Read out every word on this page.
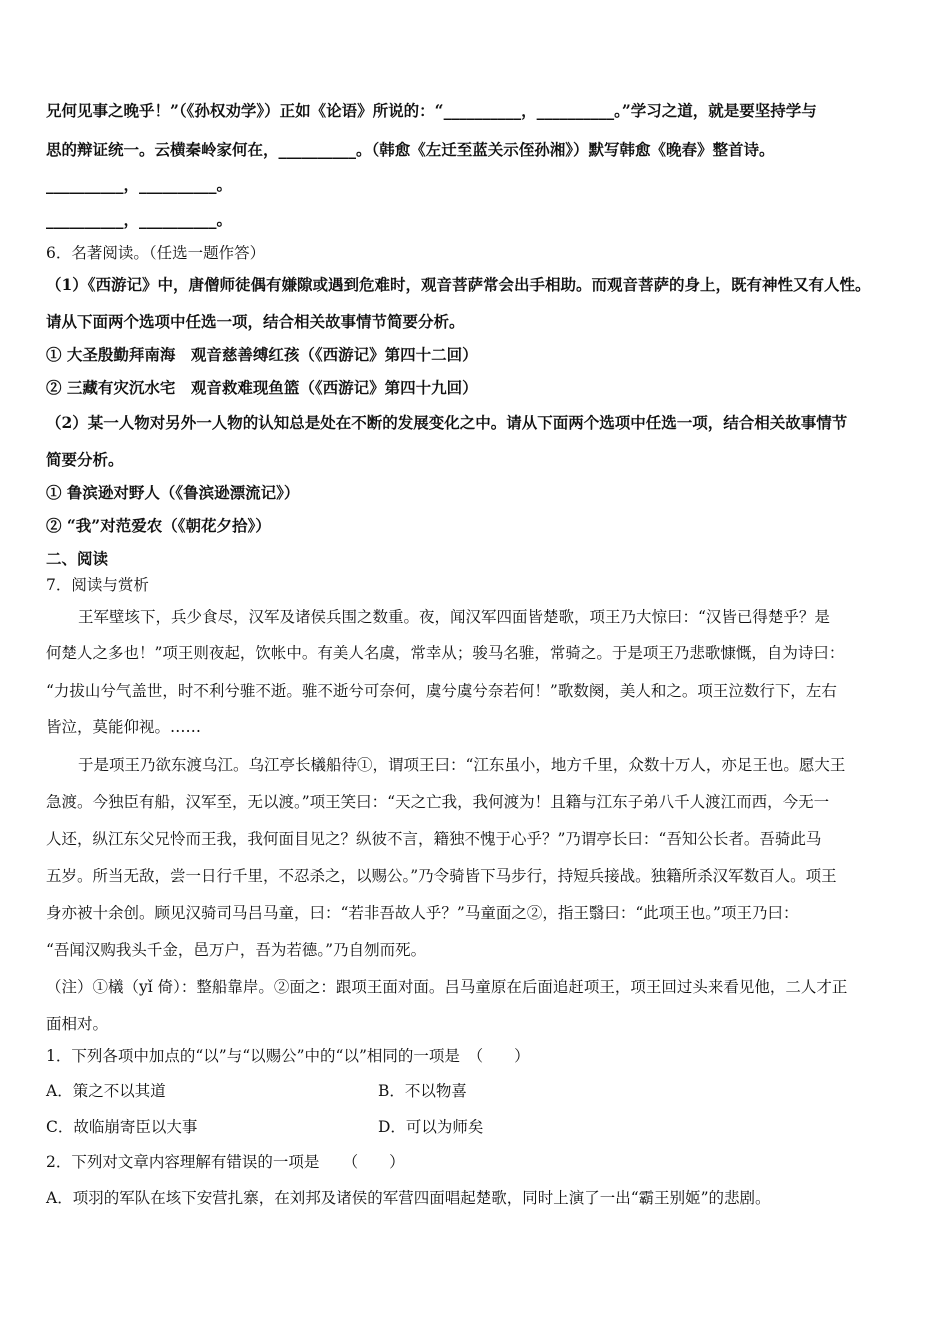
兄何见事之晚乎！”（《孙权劝学》）正如《论语》所说的：“__________，__________。”学习之道，就是要坚持学与
思的辩证统一。云横秦岭家何在，__________。（韩愈《左迁至蓝关示侄孙湘》）默写韩愈《晚春》整首诗。
__________，__________。
__________，__________。
6．名著阅读。（任选一题作答）
（1）《西游记》中，唐僧师徒偶有嫌隙或遇到危难时，观音菩萨常会出手相助。而观音菩萨的身上，既有神性又有人性。
请从下面两个选项中任选一项，结合相关故事情节简要分析。
① 大圣殷勤拜南海　观音慈善缚红孩（《西游记》第四十二回）
② 三藏有灾沉水宅　观音救难现鱼篮（《西游记》第四十九回）
（2）某一人物对另外一人物的认知总是处在不断的发展变化之中。请从下面两个选项中任选一项，结合相关故事情节
简要分析。
① 鲁滨逊对野人（《鲁滨逊漂流记》）
② “我”对范爱农（《朝花夕拾》）
二、阅读
7．阅读与赏析
王军壁垓下，兵少食尽，汉军及诸侯兵围之数重。夜，闻汉军四面皆楚歌，项王乃大惊曰：“汉皆已得楚乎？是
何楚人之多也！”项王则夜起，饮帐中。有美人名虞，常幸从；骏马名骓，常骑之。于是项王乃悲歌慷慨，自为诗曰：
“力拔山兮气盖世，时不利兮骓不逝。骓不逝兮可奈何，虞兮虞兮奈若何！”歌数阕，美人和之。项王泣数行下，左右
皆泣，莫能仰视。……
于是项王乃欲东渡乌江。乌江亭长檥船待①，谓项王曰：“江东虽小，地方千里，众数十万人，亦足王也。愿大王
急渡。今独臣有船，汉军至，无以渡。”项王笑曰：“天之亡我，我何渡为！且籍与江东子弟八千人渡江而西，今无一
人还，纵江东父兄怜而王我，我何面目见之？纵彼不言，籍独不愧于心乎？”乃谓亭长曰：“吾知公长者。吾骑此马
五岁。所当无敌，尝一日行千里，不忍杀之，以赐公。”乃令骑皆下马步行，持短兵接战。独籍所杀汉军数百人。项王
身亦被十余创。顾见汉骑司马吕马童，曰：“若非吾故人乎？”马童面之②，指王翳曰：“此项王也。”项王乃曰：
“吾闻汉购我头千金，邑万户，吾为若德。”乃自刎而死。
（注）①檥（yǐ 倚）：整船靠岸。②面之：跟项王面对面。吕马童原在后面追赶项王，项王回过头来看见他，二人才正
面相对。
1．下列各项中加点的“以”与“以赐公”中的“以”相同的一项是　（　　）
A．策之不以其道	B．不以物喜
C．故临崩寄臣以大事	D．可以为师矣
2．下列对文章内容理解有错误的一项是　　（　　）
A．项羽的军队在垓下安营扎寨，在刘邦及诸侯的军营四面唱起楚歌，同时上演了一出“霸王别姬”的悲剧。
